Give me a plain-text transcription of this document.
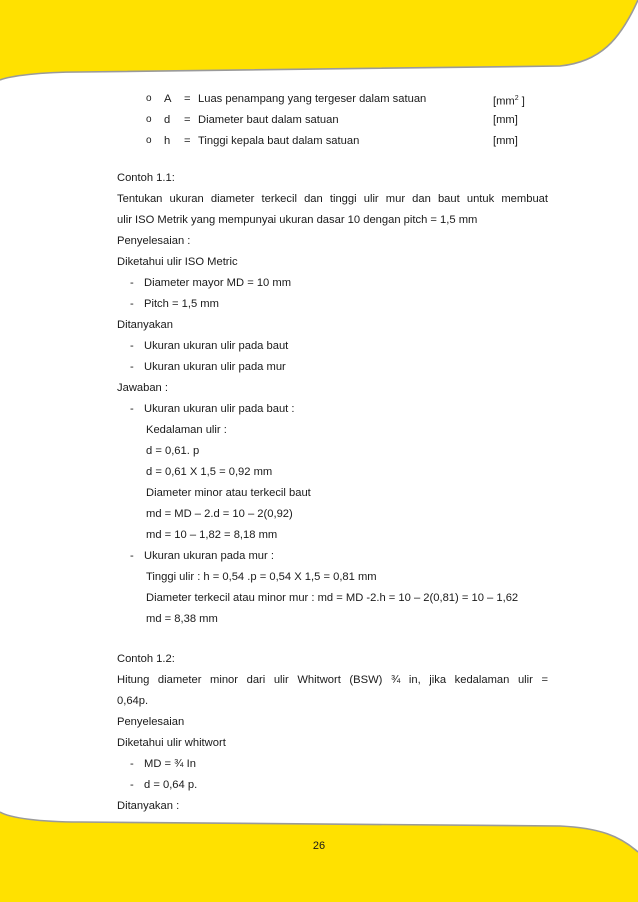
o A = Luas penampang yang tergeser dalam satuan	[$mm^2$ ]
o d = Diameter baut dalam satuan	[mm]
o h = Tinggi kepala baut dalam satuan	[mm]
Contoh 1.1:
Tentukan ukuran diameter terkecil dan tinggi ulir mur dan baut untuk membuat
ulir ISO Metrik yang mempunyai ukuran dasar 10 dengan pitch = 1,5 mm
Penyelesaian :
Diketahui ulir ISO Metric
- Diameter mayor MD = 10 mm
- Pitch = 1,5 mm
Ditanyakan
- Ukuran ukuran ulir pada baut
- Ukuran ukuran ulir pada mur
Jawaban :
- Ukuran ukuran ulir pada baut :
Kedalaman ulir :
d = 0,61. p
d = 0,61 X 1,5 = 0,92 mm
Diameter minor atau terkecil baut
md = MD – 2.d = 10 – 2(0,92)
md = 10 – 1,82 = 8,18 mm
- Ukuran ukuran pada mur :
Tinggi ulir : h = 0,54 .p = 0,54 X 1,5 = 0,81 mm
Diameter terkecil atau minor mur : md = MD -2.h = 10 – 2(0,81) = 10 – 1,62
md = 8,38 mm
Contoh 1.2:
Hitung diameter minor dari ulir Whitwort (BSW) ¾ in, jika kedalaman ulir =
0,64p.
Penyelesaian
Diketahui ulir whitwort
- MD = ¾ In
- d = 0,64 p.
Ditanyakan :
26
